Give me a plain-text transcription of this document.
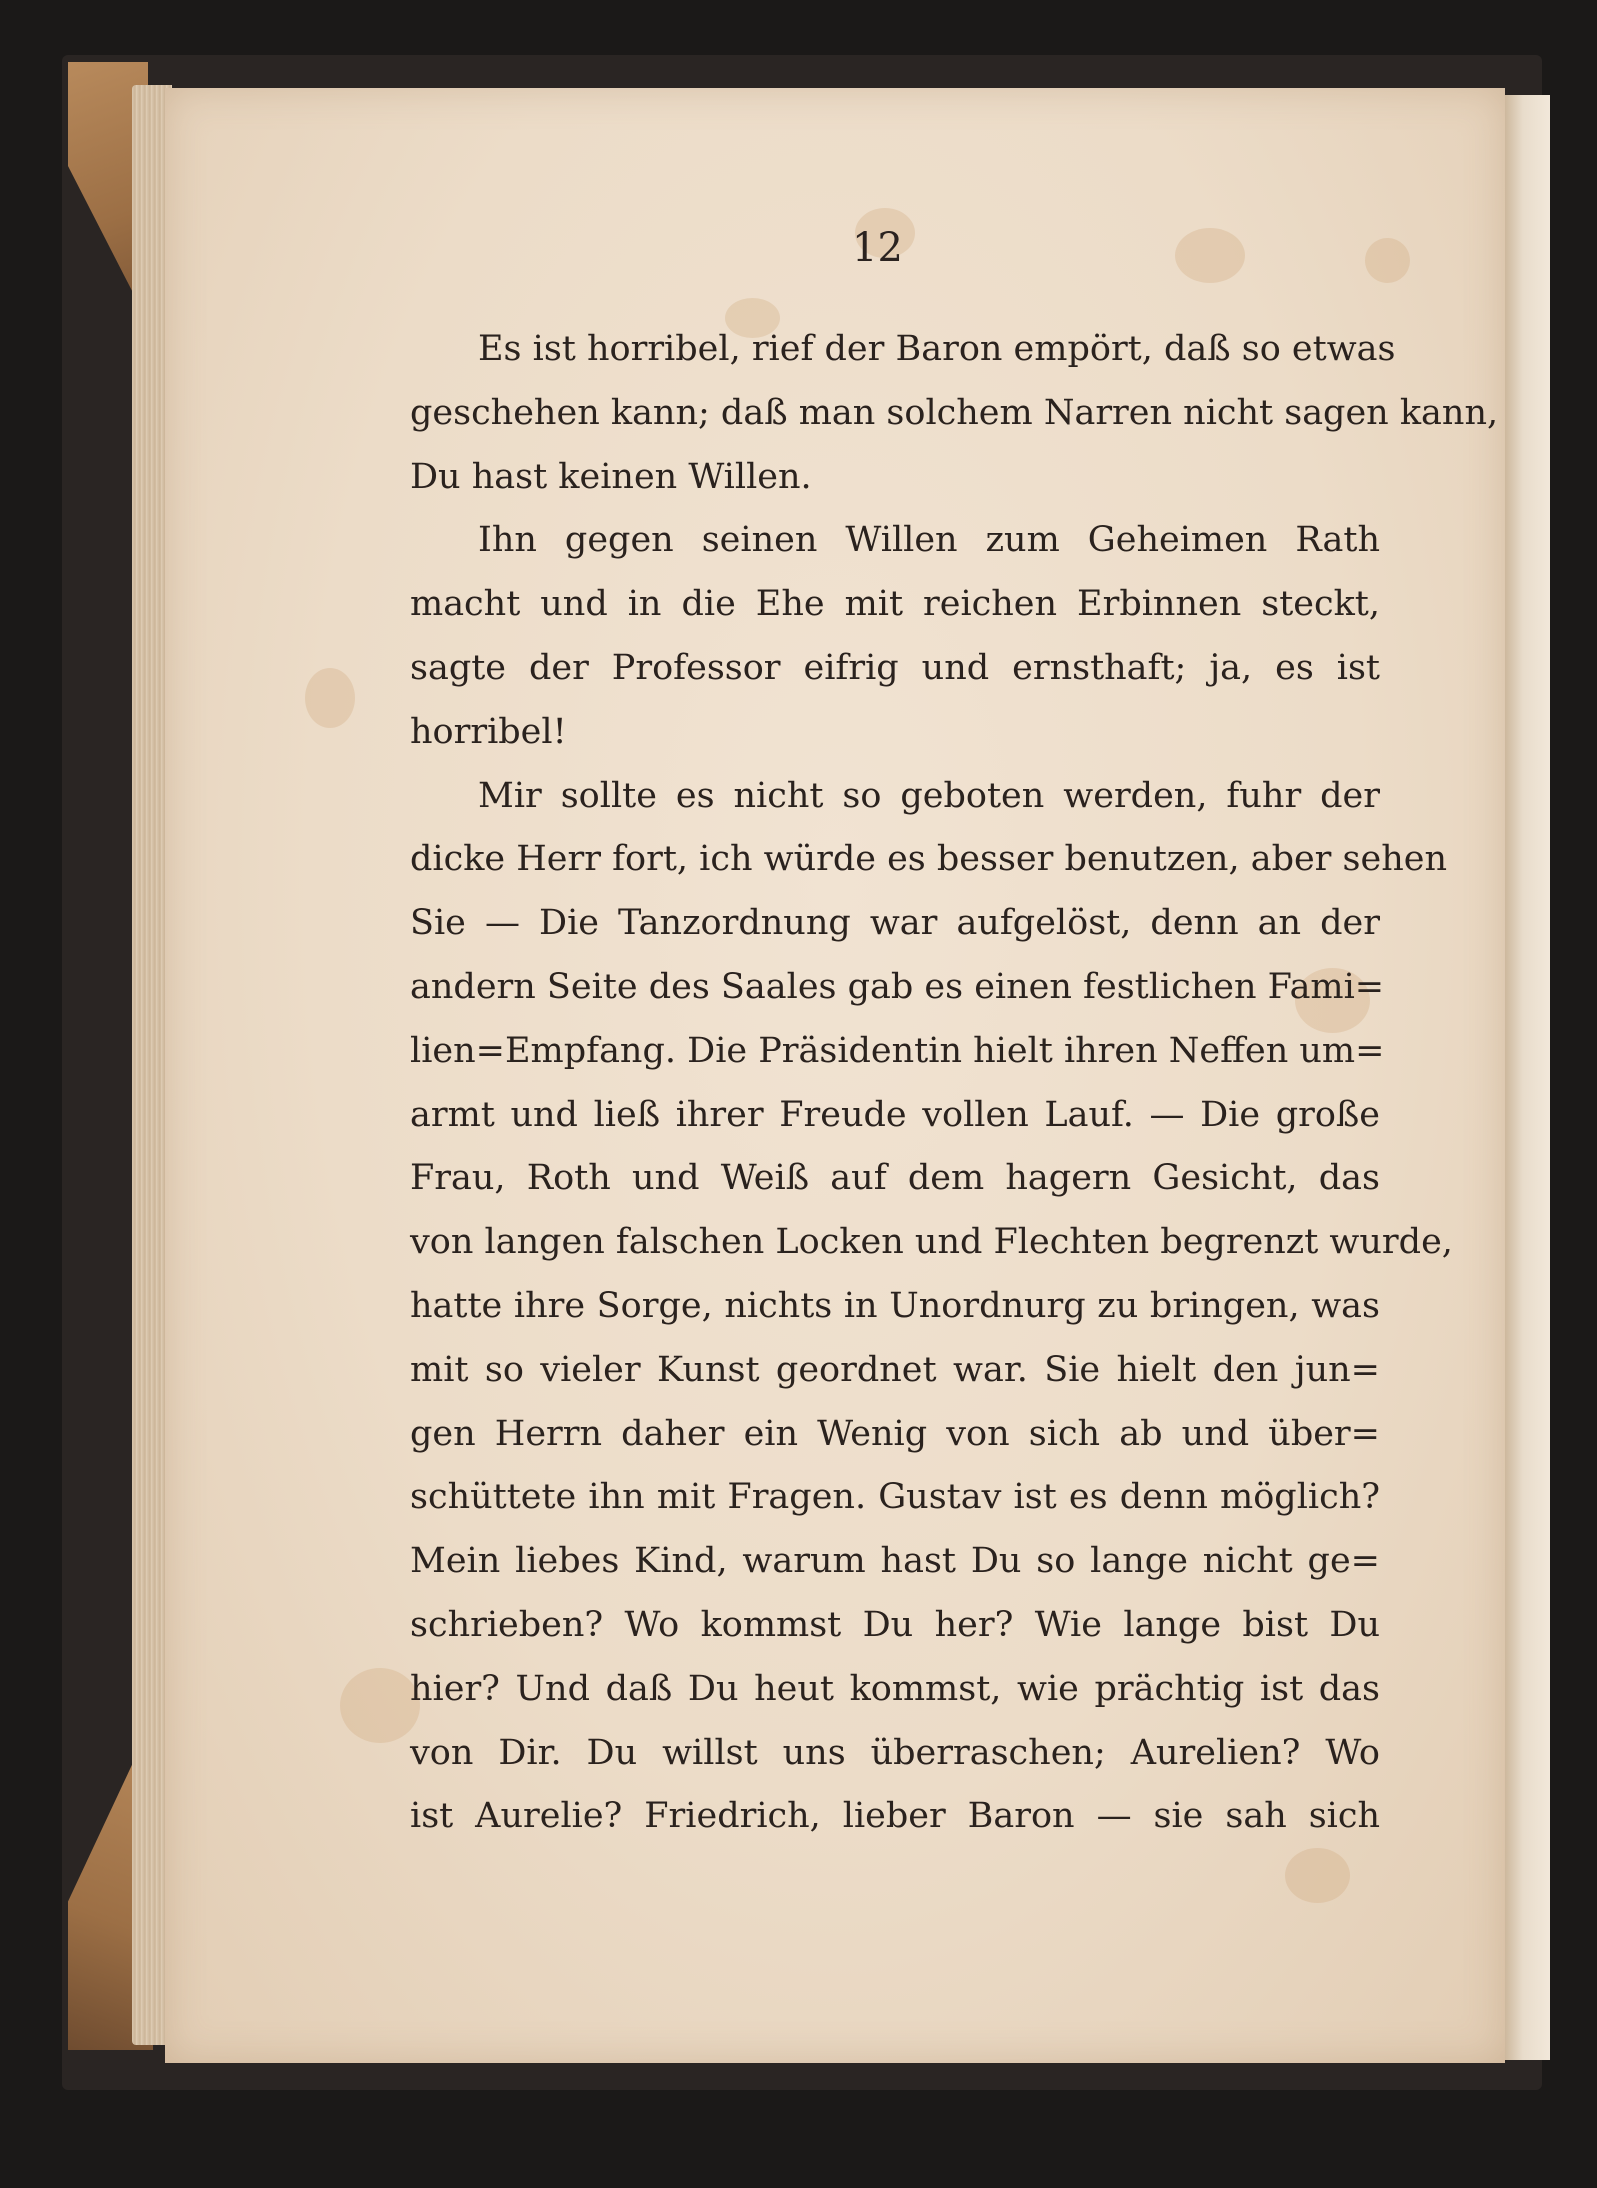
12
Es ist horribel, rief der Baron empört, daß so etwas
geschehen kann; daß man solchem Narren nicht sagen kann,
Du hast keinen Willen.
Ihn gegen seinen Willen zum Geheimen Rath
macht und in die Ehe mit reichen Erbinnen steckt,
sagte der Professor eifrig und ernsthaft; ja, es ist
horribel!
Mir sollte es nicht so geboten werden, fuhr der
dicke Herr fort, ich würde es besser benutzen, aber sehen
Sie — Die Tanzordnung war aufgelöst, denn an der
andern Seite des Saales gab es einen festlichen Fami=
lien=Empfang. Die Präsidentin hielt ihren Neffen um=
armt und ließ ihrer Freude vollen Lauf. — Die große
Frau, Roth und Weiß auf dem hagern Gesicht, das
von langen falschen Locken und Flechten begrenzt wurde,
hatte ihre Sorge, nichts in Unordnurg zu bringen, was
mit so vieler Kunst geordnet war. Sie hielt den jun=
gen Herrn daher ein Wenig von sich ab und über=
schüttete ihn mit Fragen. Gustav ist es denn möglich?
Mein liebes Kind, warum hast Du so lange nicht ge=
schrieben? Wo kommst Du her? Wie lange bist Du
hier? Und daß Du heut kommst, wie prächtig ist das
von Dir. Du willst uns überraschen; Aurelien? Wo
ist Aurelie? Friedrich, lieber Baron — sie sah sich
